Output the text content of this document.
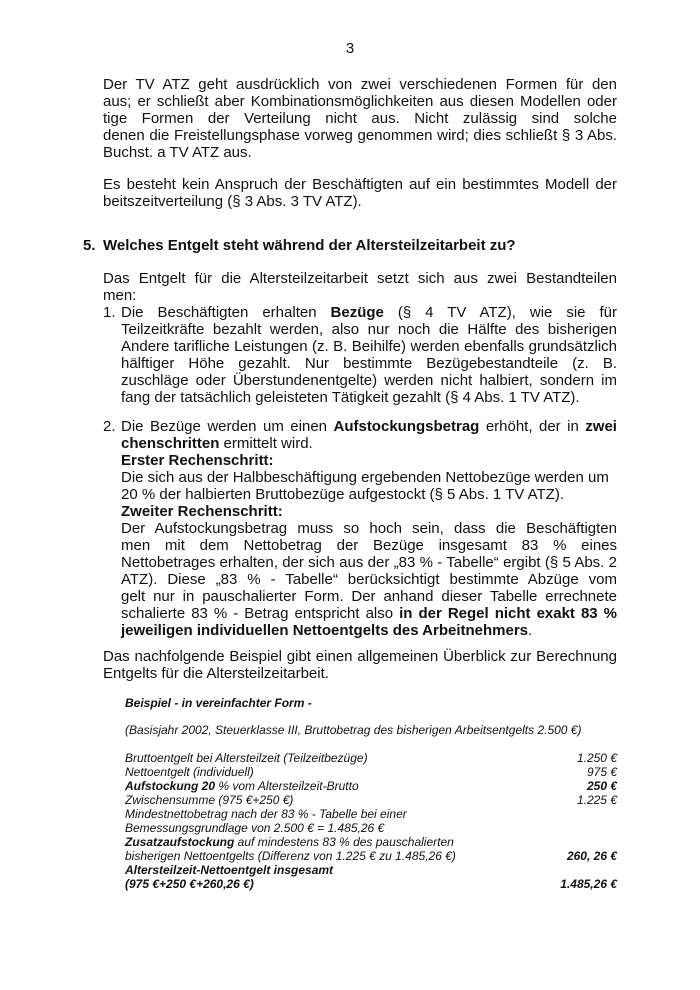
3
Der TV ATZ geht ausdrücklich von zwei verschiedenen Formen für den
aus; er schließt aber Kombinationsmöglichkeiten aus diesen Modellen oder
tige Formen der Verteilung nicht aus. Nicht zulässig sind solche
denen die Freistellungsphase vorweg genommen wird; dies schließt § 3 Abs.
Buchst. a TV ATZ aus.
Es besteht kein Anspruch der Beschäftigten auf ein bestimmtes Modell der
beitszeitverteilung (§ 3 Abs. 3 TV ATZ).
5. Welches Entgelt steht während der Altersteilzeitarbeit zu?
Das Entgelt für die Altersteilzeitarbeit setzt sich aus zwei Bestandteilen
men:
1. Die Beschäftigten erhalten Bezüge (§ 4 TV ATZ), wie sie für
Teilzeitkräfte bezahlt werden, also nur noch die Hälfte des bisherigen
Andere tarifliche Leistungen (z. B. Beihilfe) werden ebenfalls grundsätzlich
hälftiger Höhe gezahlt. Nur bestimmte Bezügebestandteile (z. B.
zuschläge oder Überstundenentgelte) werden nicht halbiert, sondern im
fang der tatsächlich geleisteten Tätigkeit gezahlt (§ 4 Abs. 1 TV ATZ).
2. Die Bezüge werden um einen Aufstockungsbetrag erhöht, der in zwei
chenschritten ermittelt wird.
Erster Rechenschritt:
Die sich aus der Halbbeschäftigung ergebenden Nettobezüge werden um
20 % der halbierten Bruttobezüge aufgestockt (§ 5 Abs. 1 TV ATZ).
Zweiter Rechenschritt:
Der Aufstockungsbetrag muss so hoch sein, dass die Beschäftigten
men mit dem Nettobetrag der Bezüge insgesamt 83 % eines
Nettobetrages erhalten, der sich aus der „83 % - Tabelle“ ergibt (§ 5 Abs. 2
ATZ). Diese „83 % - Tabelle“ berücksichtigt bestimmte Abzüge vom
gelt nur in pauschalierter Form. Der anhand dieser Tabelle errechnete
schalierte 83 % - Betrag entspricht also in der Regel nicht exakt 83 %
jeweiligen individuellen Nettoentgelts des Arbeitnehmers.
Das nachfolgende Beispiel gibt einen allgemeinen Überblick zur Berechnung
Entgelts für die Altersteilzeitarbeit.
Beispiel - in vereinfachter Form -
(Basisjahr 2002, Steuerklasse III, Bruttobetrag des bisherigen Arbeitsentgelts 2.500 €)
Bruttoentgelt bei Altersteilzeit (Teilzeitbezüge)	1.250 €
Nettoentgelt (individuell)	975 €
Aufstockung 20 % vom Altersteilzeit-Brutto	250 €
Zwischensumme (975 €+250 €)	1.225 €
Mindestnettobetrag nach der 83 % - Tabelle bei einer
Bemessungsgrundlage von 2.500 € = 1.485,26 €
Zusatzaufstockung auf mindestens 83 % des pauschalierten
bisherigen Nettoentgelts (Differenz von 1.225 € zu 1.485,26 €)	260, 26 €
Altersteilzeit-Nettoentgelt insgesamt
(975 €+250 €+260,26 €)	1.485,26 €
